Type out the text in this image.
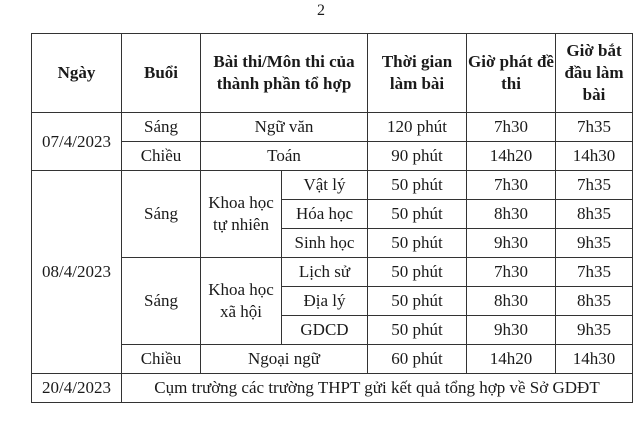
2
Ngày	Buổi	Bài thi/Môn thi của thành phần tổ hợp		Thời gian làm bài	Giờ phát đề thi	Giờ bắt đầu làm bài
07/4/2023	Sáng	Ngữ văn		120 phút	7h30	7h35
	Chiều	Toán		90 phút	14h20	14h30
08/4/2023	Sáng	Khoa học tự nhiên	Vật lý	50 phút	7h30	7h35
			Hóa học	50 phút	8h30	8h35
			Sinh học	50 phút	9h30	9h35
	Sáng	Khoa học xã hội	Lịch sử	50 phút	7h30	7h35
			Địa lý	50 phút	8h30	8h35
			GDCD	50 phút	9h30	9h35
	Chiều	Ngoại ngữ		60 phút	14h20	14h30
20/4/2023	Cụm trường các trường THPT gửi kết quả tổng hợp về Sở GDĐT					
